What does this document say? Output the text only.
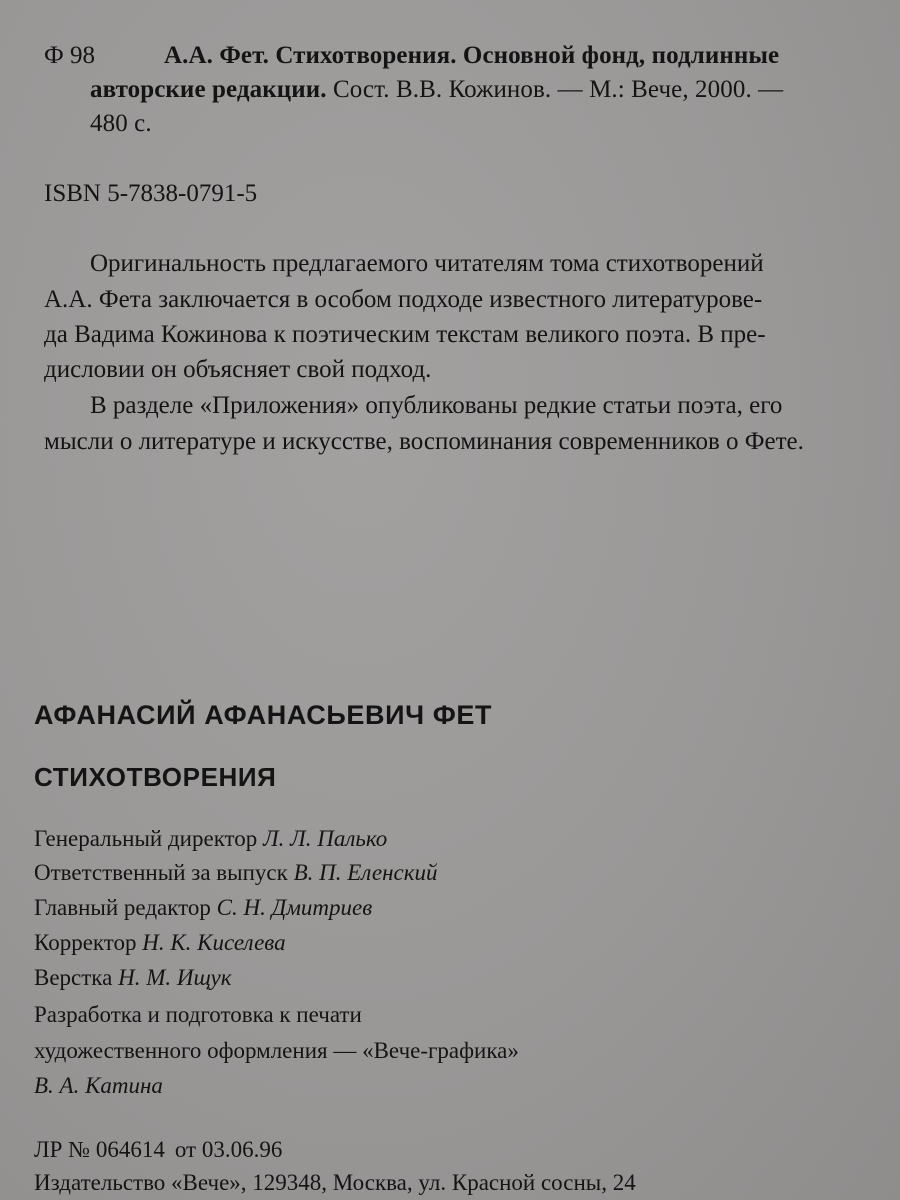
Ф 98	А.А. Фет. Стихотворения. Основной фонд, подлинные
авторские редакции. Сост. В.В. Кожинов. — М.: Вече, 2000. —
480 с.
ISBN 5-7838-0791-5
Оригинальность предлагаемого читателям тома стихотворений
А.А. Фета заключается в особом подходе известного литературове-
да Вадима Кожинова к поэтическим текстам великого поэта. В пре-
дисловии он объясняет свой подход.
В разделе «Приложения» опубликованы редкие статьи поэта, его
мысли о литературе и искусстве, воспоминания современников о Фете.
АФАНАСИЙ АФАНАСЬЕВИЧ ФЕТ
СТИХОТВОРЕНИЯ
Генеральный директор Л. Л. Палько
Ответственный за выпуск В. П. Еленский
Главный редактор С. Н. Дмитриев
Корректор Н. К. Киселева
Верстка Н. М. Ищук
Разработка и подготовка к печати
художественного оформления — «Вече-графика»
В. А. Катина
ЛР № 064614 от 03.06.96
Издательство «Вече», 129348, Москва, ул. Красной сосны, 24
